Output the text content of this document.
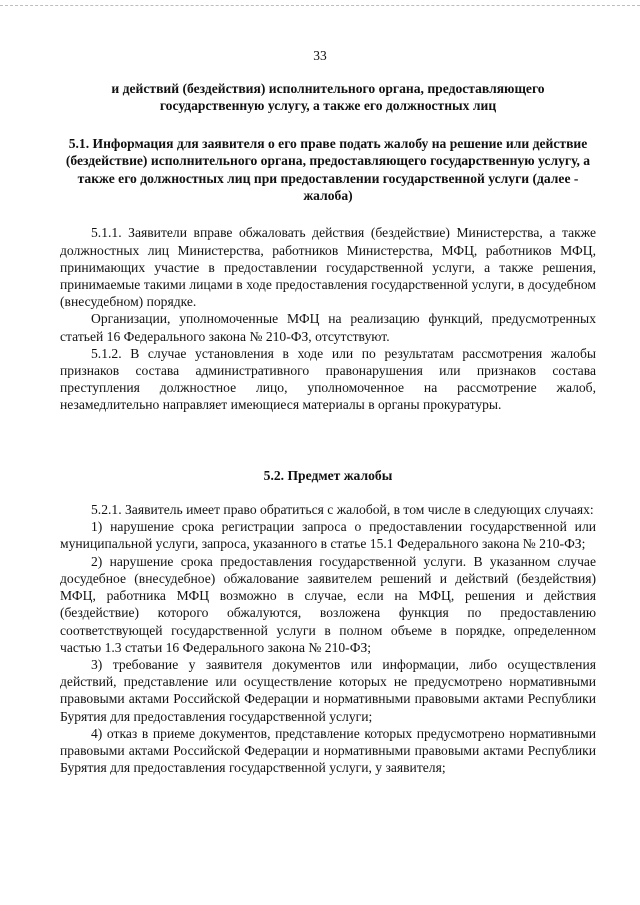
33

и действий (бездействия) исполнительного органа, предоставляющего государственную услугу, а также его должностных лиц

5.1. Информация для заявителя о его праве подать жалобу на решение или действие (бездействие) исполнительного органа, предоставляющего государственную услугу, а также его должностных лиц при предоставлении государственной услуги (далее - жалоба)

5.1.1. Заявители вправе обжаловать действия (бездействие) Министерства, а также должностных лиц Министерства, работников Министерства, МФЦ, работников МФЦ, принимающих участие в предоставлении государственной услуги, а также решения, принимаемые такими лицами в ходе предоставления государственной услуги, в досудебном (внесудебном) порядке.

Организации, уполномоченные МФЦ на реализацию функций, предусмотренных статьей 16 Федерального закона № 210-ФЗ, отсутствуют.

5.1.2. В случае установления в ходе или по результатам рассмотрения жалобы признаков состава административного правонарушения или признаков состава преступления должностное лицо, уполномоченное на рассмотрение жалоб, незамедлительно направляет имеющиеся материалы в органы прокуратуры.

5.2. Предмет жалобы

5.2.1. Заявитель имеет право обратиться с жалобой, в том числе в следующих случаях:

1) нарушение срока регистрации запроса о предоставлении государственной или муниципальной услуги, запроса, указанного в статье 15.1 Федерального закона № 210-ФЗ;

2) нарушение срока предоставления государственной услуги. В указанном случае досудебное (внесудебное) обжалование заявителем решений и действий (бездействия) МФЦ, работника МФЦ возможно в случае, если на МФЦ, решения и действия (бездействие) которого обжалуются, возложена функция по предоставлению соответствующей государственной услуги в полном объеме в порядке, определенном частью 1.3 статьи 16 Федерального закона № 210-ФЗ;

3) требование у заявителя документов или информации, либо осуществления действий, представление или осуществление которых не предусмотрено нормативными правовыми актами Российской Федерации и нормативными правовыми актами Республики Бурятия для предоставления государственной услуги;

4) отказ в приеме документов, представление которых предусмотрено нормативными правовыми актами Российской Федерации и нормативными правовыми актами Республики Бурятия для предоставления государственной услуги, у заявителя;
